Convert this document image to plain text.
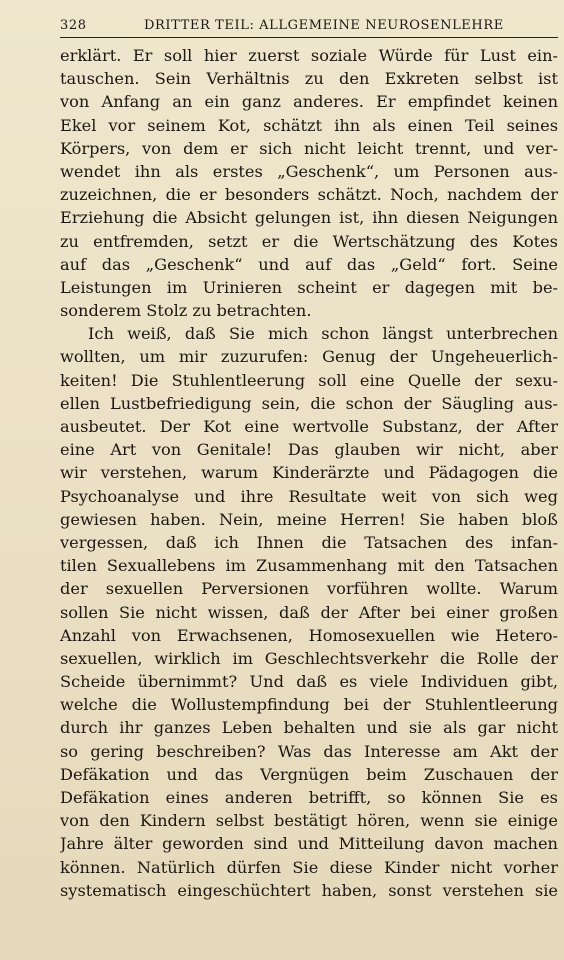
328	DRITTER TEIL: ALLGEMEINE NEUROSENLEHRE
erklärt. Er soll hier zuerst soziale Würde für Lust ein-
tauschen. Sein Verhältnis zu den Exkreten selbst ist
von Anfang an ein ganz anderes. Er empfindet keinen
Ekel vor seinem Kot, schätzt ihn als einen Teil seines
Körpers, von dem er sich nicht leicht trennt, und ver-
wendet ihn als erstes „Geschenk“, um Personen aus-
zuzeichnen, die er besonders schätzt. Noch, nachdem der
Erziehung die Absicht gelungen ist, ihn diesen Neigungen
zu entfremden, setzt er die Wertschätzung des Kotes
auf das „Geschenk“ und auf das „Geld“ fort. Seine
Leistungen im Urinieren scheint er dagegen mit be-
sonderem Stolz zu betrachten.
Ich weiß, daß Sie mich schon längst unterbrechen
wollten, um mir zuzurufen: Genug der Ungeheuerlich-
keiten! Die Stuhlentleerung soll eine Quelle der sexu-
ellen Lustbefriedigung sein, die schon der Säugling aus-
ausbeutet. Der Kot eine wertvolle Substanz, der After
eine Art von Genitale! Das glauben wir nicht, aber
wir verstehen, warum Kinderärzte und Pädagogen die
Psychoanalyse und ihre Resultate weit von sich weg
gewiesen haben. Nein, meine Herren! Sie haben bloß
vergessen, daß ich Ihnen die Tatsachen des infan-
tilen Sexuallebens im Zusammenhang mit den Tatsachen
der sexuellen Perversionen vorführen wollte. Warum
sollen Sie nicht wissen, daß der After bei einer großen
Anzahl von Erwachsenen, Homosexuellen wie Hetero-
sexuellen, wirklich im Geschlechtsverkehr die Rolle der
Scheide übernimmt? Und daß es viele Individuen gibt,
welche die Wollustempfindung bei der Stuhlentleerung
durch ihr ganzes Leben behalten und sie als gar nicht
so gering beschreiben? Was das Interesse am Akt der
Defäkation und das Vergnügen beim Zuschauen der
Defäkation eines anderen betrifft, so können Sie es
von den Kindern selbst bestätigt hören, wenn sie einige
Jahre älter geworden sind und Mitteilung davon machen
können. Natürlich dürfen Sie diese Kinder nicht vorher
systematisch eingeschüchtert haben, sonst verstehen sie
